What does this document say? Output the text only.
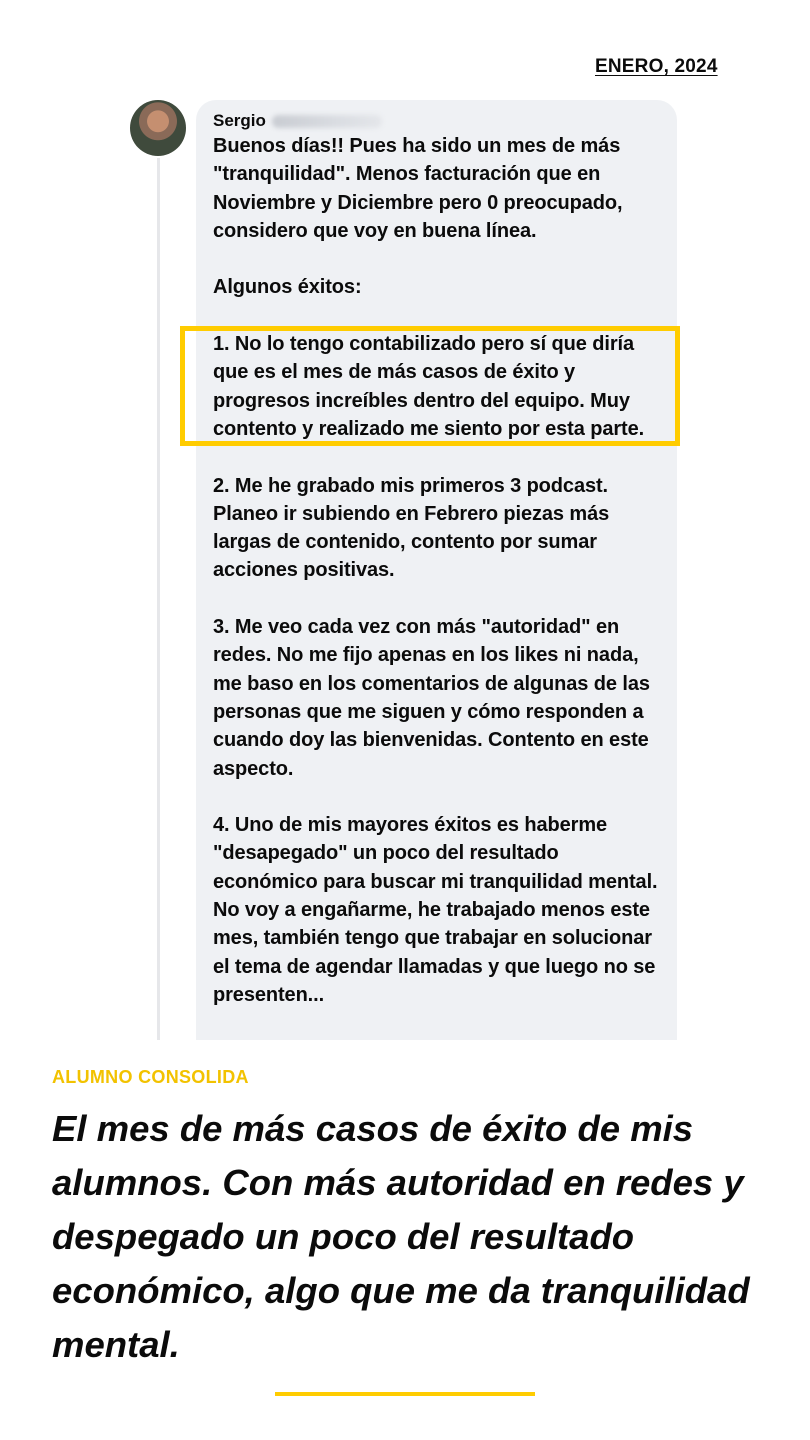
ENERO, 2024
Sergio

Buenos días!! Pues ha sido un mes de más "tranquilidad". Menos facturación que en Noviembre y Diciembre pero 0 preocupado, considero que voy en buena línea.

Algunos éxitos:

1. No lo tengo contabilizado pero sí que diría que es el mes de más casos de éxito y progresos increíbles dentro del equipo. Muy contento y realizado me siento por esta parte.

2. Me he grabado mis primeros 3 podcast. Planeo ir subiendo en Febrero piezas más largas de contenido, contento por sumar acciones positivas.

3. Me veo cada vez con más "autoridad" en redes. No me fijo apenas en los likes ni nada, me baso en los comentarios de algunas de las personas que me siguen y cómo responden a cuando doy las bienvenidas. Contento en este aspecto.

4. Uno de mis mayores éxitos es haberme "desapegado" un poco del resultado económico para buscar mi tranquilidad mental. No voy a engañarme, he trabajado menos este mes, también tengo que trabajar en solucionar el tema de agendar llamadas y que luego no se presenten...

ALUMNO CONSOLIDA
El mes de más casos de éxito de mis alumnos. Con más autoridad en redes y despegado un poco del resultado económico, algo que me da tranquilidad mental.
